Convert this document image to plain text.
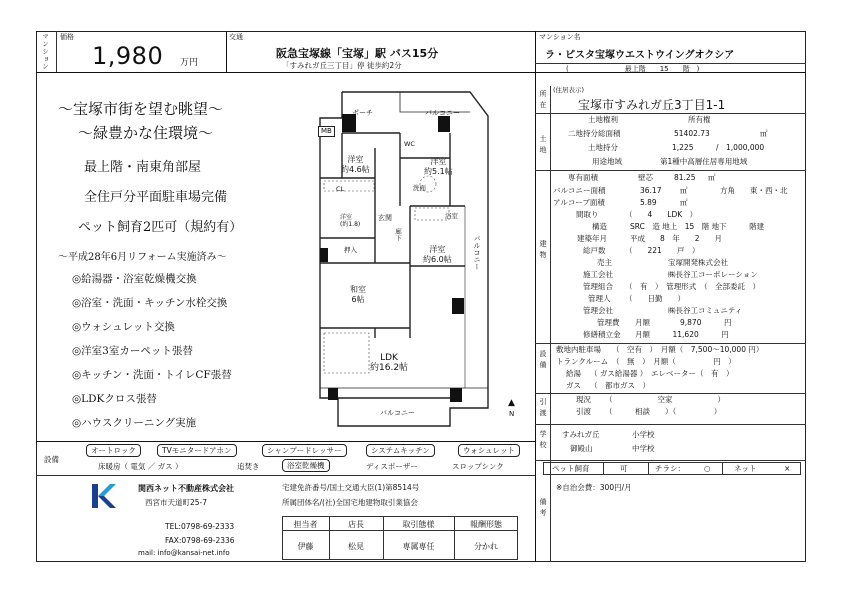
マンション 価格
1,980 万円
交通
阪急宝塚線「宝塚」駅 バス15分
「すみれガ丘三丁目」停 徒歩約2分
マンション名
ラ・ピスタ宝塚ウエストウイングオクシア
(　　　　　　　　最上階　　15　　階　)
～宝塚市街を望む眺望～
～緑豊かな住環境～
最上階・南東角部屋
全住戸分平面駐車場完備
ペット飼育2匹可（規約有）
～平成28年6月リフォーム実施済み～
◎給湯器・浴室乾燥機交換
◎浴室・洗面・キッチン水栓交換
◎ウォシュレット交換
◎洋室3室カーペット張替
◎キッチン・洗面・トイレCF張替
◎LDKクロス張替
◎ハウスクリーニング実施
ポーチ
MB
バルコニー
洋室
約4.6帖
洋室
約5.1帖
洋室
約6.0帖
和室
6帖
LDK
約16.2帖
バルコニー
バルコニー
玄関
CL
洋室
(約1.8)
WC
浴室
洗面
押入
廊下
▲
N
設備
オートロック	TVモニタードアホン	シャンプードレッサー	システムキッチン	ウォシュレット
床暖房（ 電気 ／ ガス ）	追焚き	浴室乾燥機	ディスポーザー	スロップシンク
関西ネット不動産株式会社
西宮市天道町25-7
TEL:0798-69-2333
FAX:0798-69-2336
mail: info@kansai-net.info
宅建免許番号/国土交通大臣(1)第8514号
所属団体名/(社)全国宅地建物取引業協会
担当者	店長	取引態様	報酬形態
伊藤	松見	専属専任	分かれ
所在 (住居表示)
宝塚市すみれガ丘3丁目1-1
土地
土地権利	所有権
二地持分総面積	51402.73	㎡
土地持分	1,225	/　1,000,000
用途地域	第1種中高層住居専用地域
建物
専有面積	壁芯	81.25 ㎡
バルコニー面積	36.17 ㎡	方角 東・西・北
アルコーブ面積	5.89	㎡
間取り	（　　4　　LDK　）
構造	SRC　造 地上　15　階 地下　　　階建
建築年月	平成　　8　年　　2　　月
総戸数	（　　221　　戸　）
売主	宝塚開発株式会社
施工会社	㈱長谷工コーポレーション
管理組合 （　有　）　管理形式　（　全部委託　）
管理人 （　　日勤　　）
管理会社	㈱長谷工コミュニティ
管理費 月額　　　　9,870　　　円
修繕積立金 月額　　　11,620　　　円
設備
敷地内駐車場 （　空有　）　月額（　7,500～10,000 円）
トランクルーム （　無　）　月額（　　　　　円　）
給湯 （ ガス給湯器 ）　エレベーター（　有　）
ガス （　都市ガス　）
引渡	現況 （　　　　　　空家　　　　　　）
引渡 （　　　相談　　）（　　　　　）
学校 すみれガ丘	小学校
御殿山	中学校
ペット飼育	可	チラシ：	○	ネット	×
備考
※自治会費：300円/月
